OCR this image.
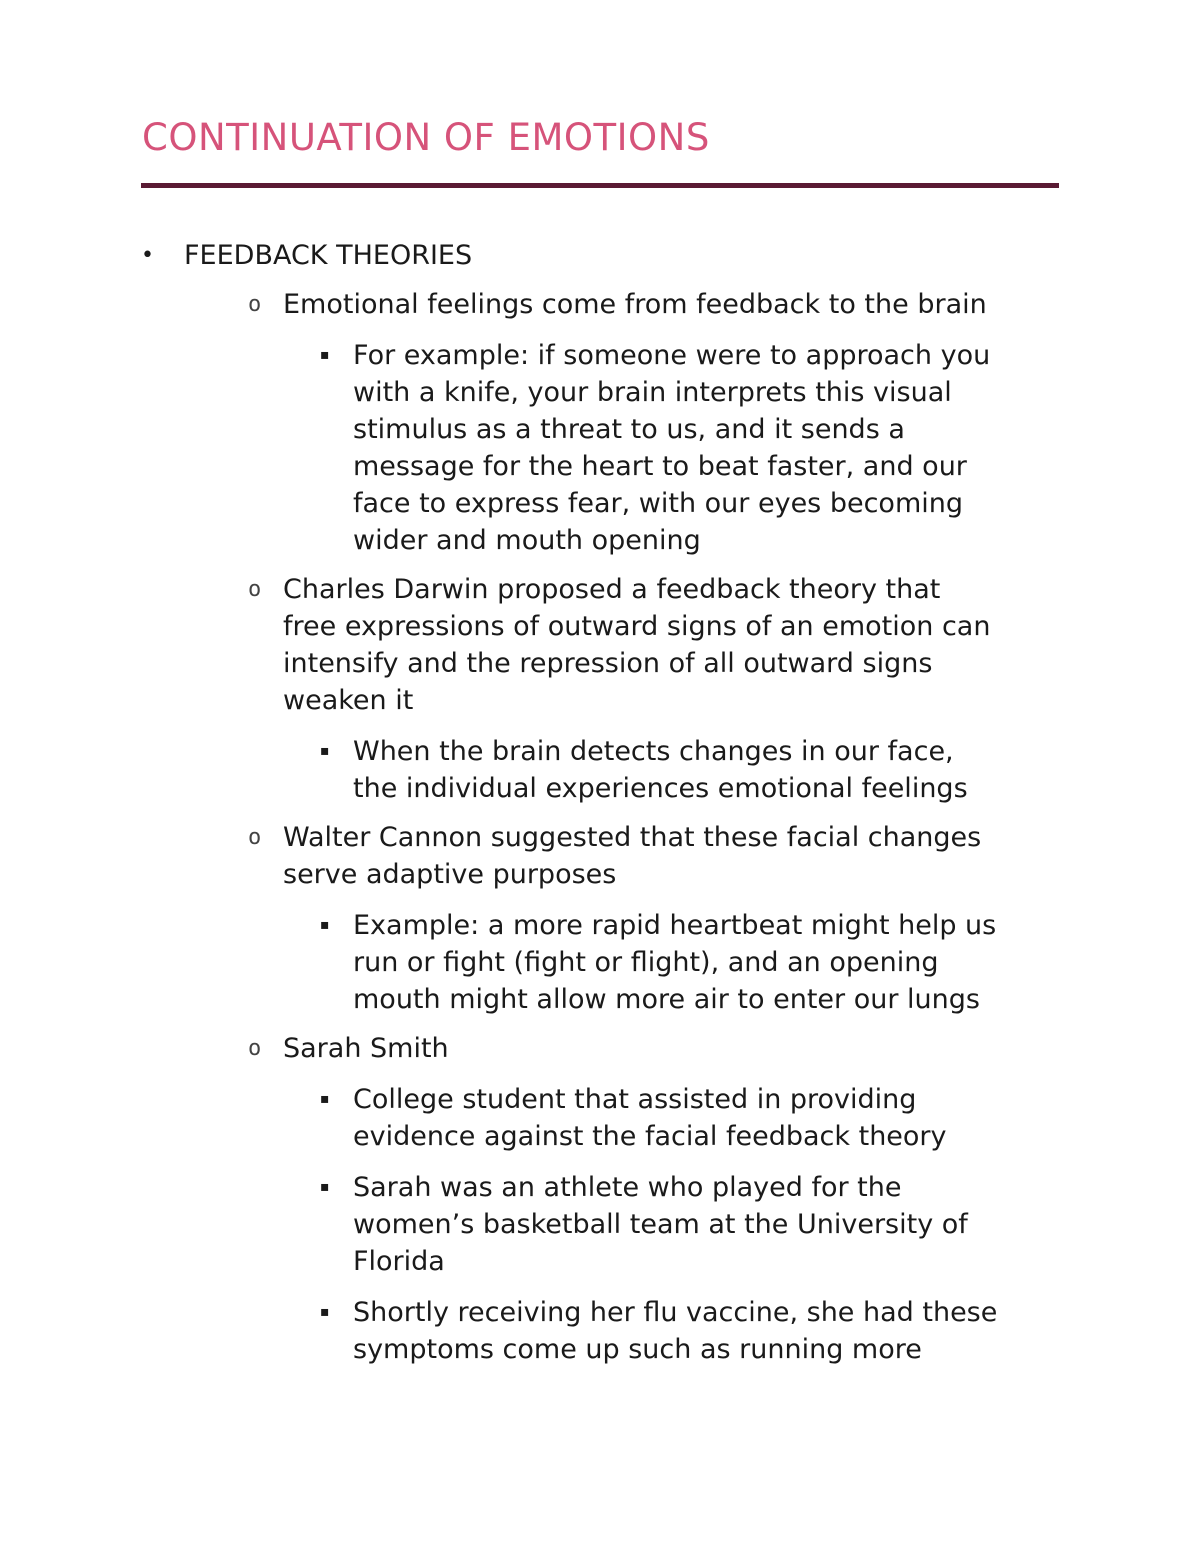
CONTINUATION OF EMOTIONS
• FEEDBACK THEORIES
o Emotional feelings come from feedback to the brain
▪ For example: if someone were to approach you
with a knife, your brain interprets this visual
stimulus as a threat to us, and it sends a
message for the heart to beat faster, and our
face to express fear, with our eyes becoming
wider and mouth opening
o Charles Darwin proposed a feedback theory that
free expressions of outward signs of an emotion can
intensify and the repression of all outward signs
weaken it
▪ When the brain detects changes in our face,
the individual experiences emotional feelings
o Walter Cannon suggested that these facial changes
serve adaptive purposes
▪ Example: a more rapid heartbeat might help us
run or fight (fight or flight), and an opening
mouth might allow more air to enter our lungs
o Sarah Smith
▪ College student that assisted in providing
evidence against the facial feedback theory
▪ Sarah was an athlete who played for the
women’s basketball team at the University of
Florida
▪ Shortly receiving her flu vaccine, she had these
symptoms come up such as running more
